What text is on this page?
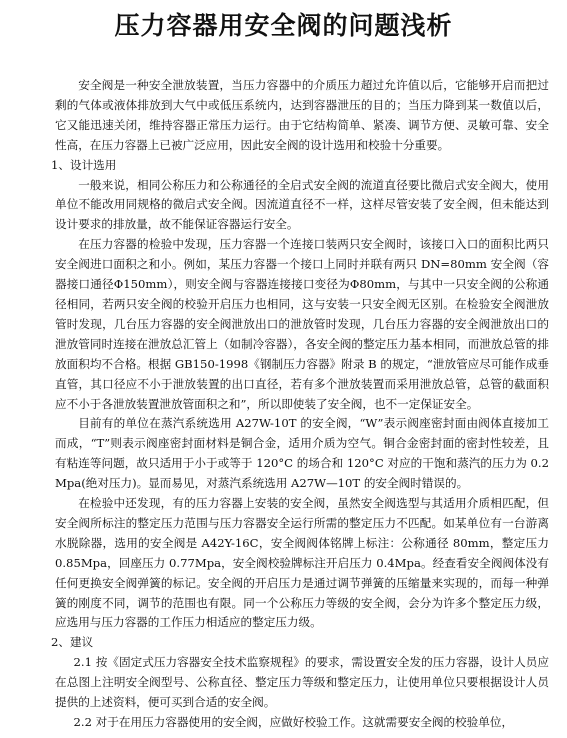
压力容器用安全阀的问题浅析

安全阀是一种安全泄放装置，当压力容器中的介质压力超过允许值以后，它能够开启而把过剩的气体或液体排放到大气中或低压系统内，达到容器泄压的目的；当压力降到某一数值以后，它又能迅速关闭，维持容器正常压力运行。由于它结构简单、紧凑、调节方便、灵敏可靠、安全性高，在压力容器上已被广泛应用，因此安全阀的设计选用和校验十分重要。

1、设计选用

一般来说，相同公称压力和公称通径的全启式安全阀的流道直径要比微启式安全阀大，使用单位不能改用同规格的微启式安全阀。因流道直径不一样，这样尽管安装了安全阀，但未能达到设计要求的排放量，故不能保证容器运行安全。

在压力容器的检验中发现，压力容器一个连接口装两只安全阀时，该接口入口的面积比两只安全阀进口面积之和小。例如，某压力容器一个接口上同时并联有两只 DN=80mm 安全阀（容器接口通径Φ150mm），则安全阀与容器连接接口变径为Φ80mm，与其中一只安全阀的公称通径相同，若两只安全阀的校验开启压力也相同，这与安装一只安全阀无区别。在检验安全阀泄放管时发现，几台压力容器的安全阀泄放出口的泄放管时发现，几台压力容器的安全阀泄放出口的泄放管同时连接在泄放总汇管上（如制冷容器），各安全阀的整定压力基本相同，而泄放总管的排放面积均不合格。根据 GB150-1998《钢制压力容器》附录 B 的规定，“泄放管应尽可能作成垂直管，其口径应不小于泄放装置的出口直径，若有多个泄放装置而采用泄放总管，总管的截面积应不小于各泄放装置泄放管面积之和”，所以即使装了安全阀，也不一定保证安全。

目前有的单位在蒸汽系统选用 A27W-10T 的安全阀，“W”表示阀座密封面由阀体直接加工而成，“T”则表示阀座密封面材料是铜合金，适用介质为空气。铜合金密封面的密封性较差，且有粘连等问题，故只适用于小于或等于 120°C 的场合和 120°C 对应的干饱和蒸汽的压力为 0.2Mpa(绝对压力)。显而易见，对蒸汽系统选用 A27W—10T 的安全阀时错误的。

在检验中还发现，有的压力容器上安装的安全阀，虽然安全阀选型与其适用介质相匹配，但安全阀所标注的整定压力范围与压力容器安全运行所需的整定压力不匹配。如某单位有一台游离水脱除器，选用的安全阀是 A42Y-16C，安全阀阀体铭牌上标注：公称通径 80mm，整定压力 0.85Mpa，回座压力 0.77Mpa，安全阀校验牌标注开启压力 0.4Mpa。经查看安全阀阀体没有任何更换安全阀弹簧的标记。安全阀的开启压力是通过调节弹簧的压缩量来实现的，而每一种弹簧的刚度不同，调节的范围也有限。同一个公称压力等级的安全阀，会分为许多个整定压力级，应选用与压力容器的工作压力相适应的整定压力级。

2、建议

2.1 按《固定式压力容器安全技术监察规程》的要求，需设置安全发的压力容器，设计人员应在总图上注明安全阀型号、公称直径、整定压力等级和整定压力，让使用单位只要根据设计人员提供的上述资料，便可买到合适的安全阀。

2.2 对于在用压力容器使用的安全阀，应做好校验工作。这就需要安全阀的校验单位，
